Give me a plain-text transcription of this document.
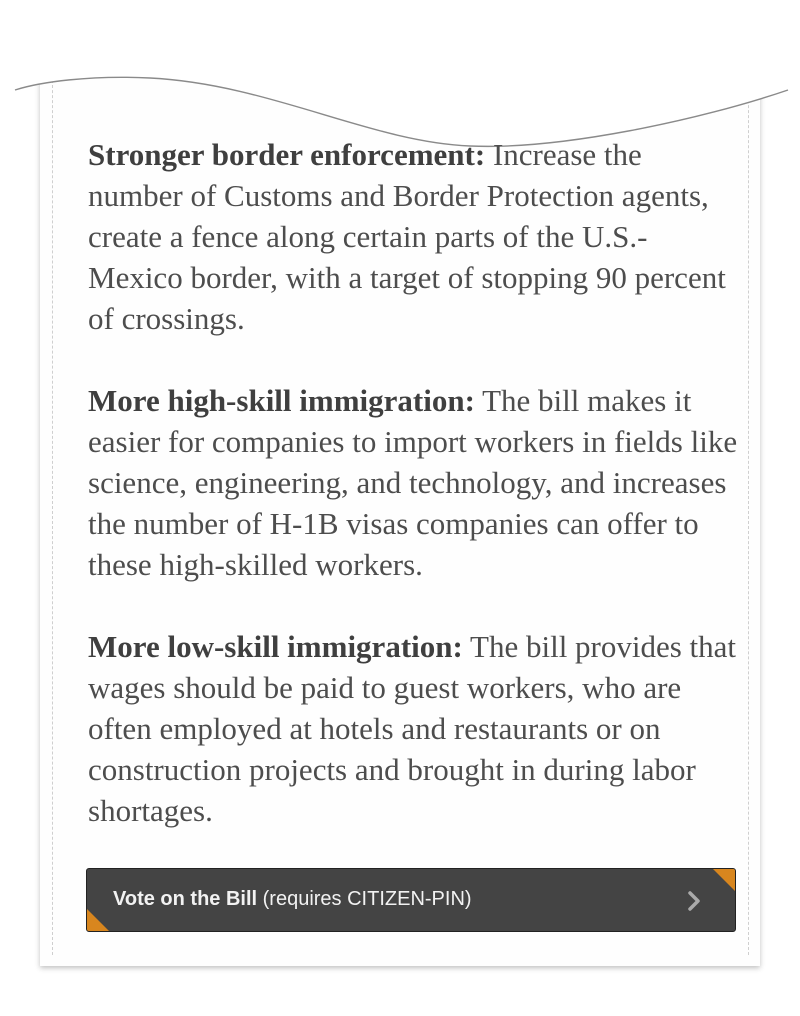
Stronger border enforcement: Increase the number of Customs and Border Protection agents, create a fence along certain parts of the U.S.-Mexico border, with a target of stopping 90 percent of crossings.

More high-skill immigration: The bill makes it easier for companies to import workers in fields like science, engineering, and technology, and increases the number of H-1B visas companies can offer to these high-skilled workers.

More low-skill immigration: The bill provides that wages should be paid to guest workers, who are often employed at hotels and restaurants or on construction projects and brought in during labor shortages.

Vote on the Bill (requires CITIZEN-PIN)
